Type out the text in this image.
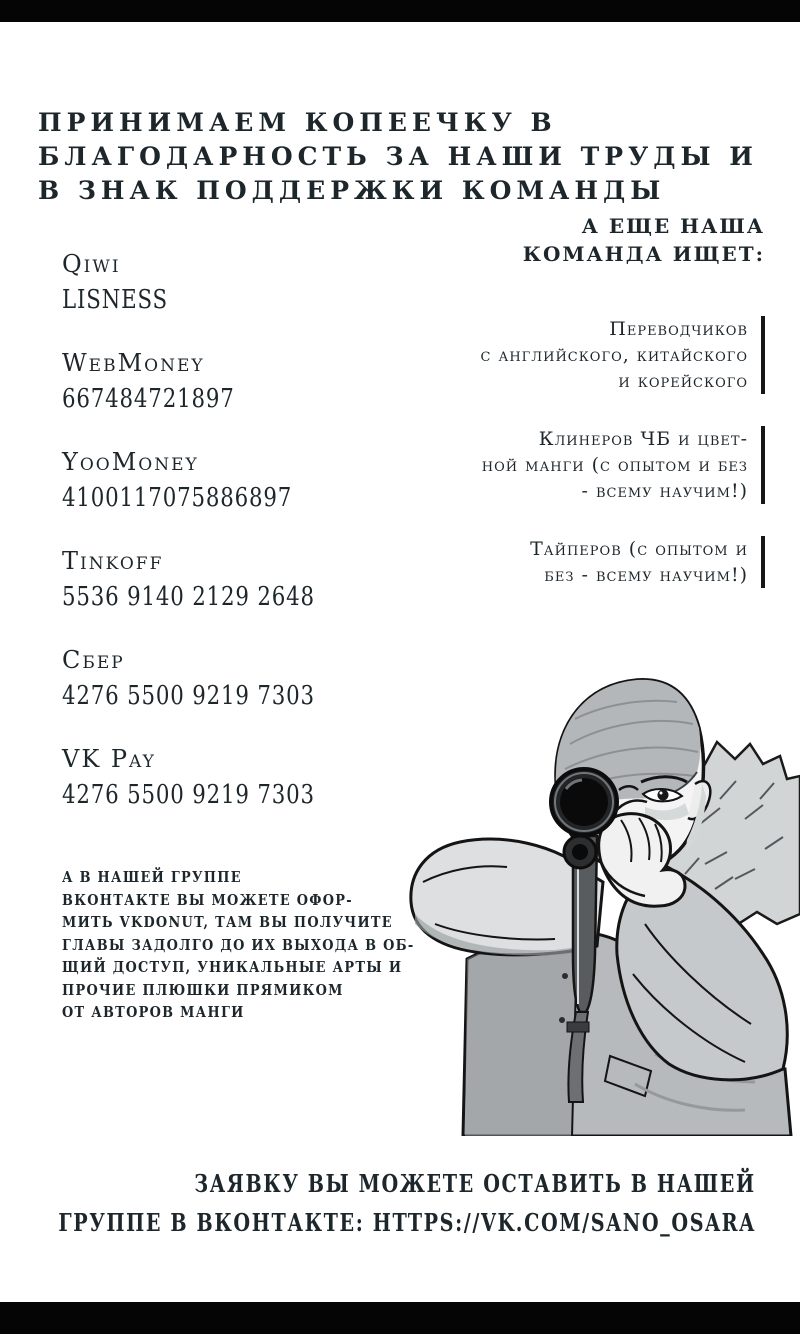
ПРИНИМАЕМ КОПЕЕЧКУ В
БЛАГОДАРНОСТЬ ЗА НАШИ ТРУДЫ И
В ЗНАК ПОДДЕРЖКИ КОМАНДЫ
А ЕЩЕ НАША
КОМАНДА ИЩЕТ:
Переводчиков
с английского, китайского
и корейского
Клинеров ЧБ и цвет-
ной манги (с опытом и без
- всему научим!)
Тайперов (с опытом и
без - всему научим!)
Qiwi
LISNESS
WebMoney
667484721897
YooMoney
4100117075886897
Tinkoff
5536 9140 2129 2648
Сбер
4276 5500 9219 7303
VK Pay
4276 5500 9219 7303
А В НАШЕЙ ГРУППЕ
ВКОНТАКТЕ ВЫ МОЖЕТЕ ОФОР-
МИТЬ VKDONUT, ТАМ ВЫ ПОЛУЧИТЕ
ГЛАВЫ ЗАДОЛГО ДО ИХ ВЫХОДА В ОБ-
ЩИЙ ДОСТУП, УНИКАЛЬНЫЕ АРТЫ И
ПРОЧИЕ ПЛЮШКИ ПРЯМИКОМ
ОТ АВТОРОВ МАНГИ
ЗАЯВКУ ВЫ МОЖЕТЕ ОСТАВИТЬ В НАШЕЙ
ГРУППЕ В ВКОНТАКТЕ: HTTPS://VK.COM/SANO_OSARA
